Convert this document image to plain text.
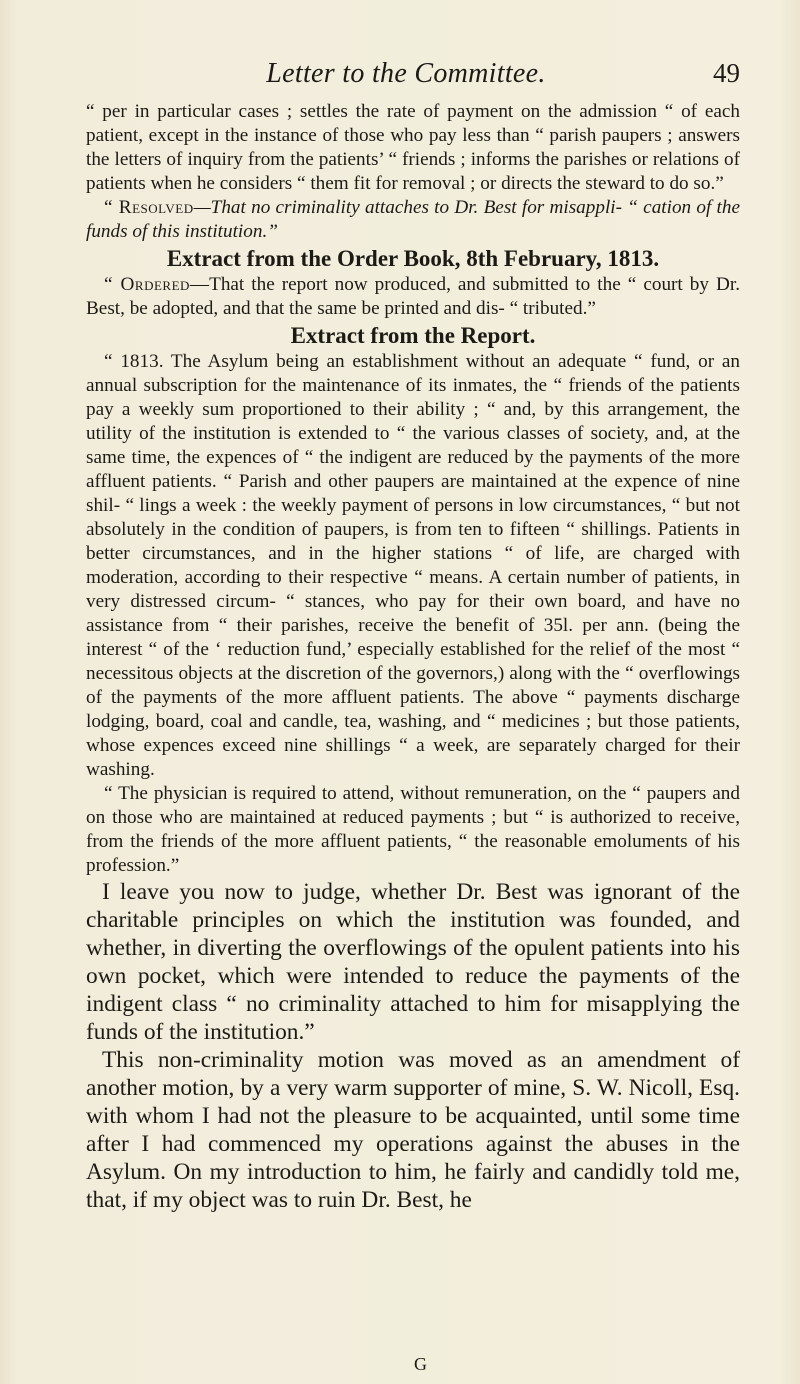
Letter to the Committee.	49

“ per in particular cases ; settles the rate of payment on the admission “ of each patient, except in the instance of those who pay less than “ parish paupers ; answers the letters of inquiry from the patients’ “ friends ; informs the parishes or relations of patients when he considers “ them fit for removal ; or directs the steward to do so.”

“ Resolved—That no criminality attaches to Dr. Best for misappli- “ cation of the funds of this institution.”

Extract from the Order Book, 8th February, 1813.

“ Ordered—That the report now produced, and submitted to the “ court by Dr. Best, be adopted, and that the same be printed and dis- “ tributed.”

Extract from the Report.

“ 1813. The Asylum being an establishment without an adequate “ fund, or an annual subscription for the maintenance of its inmates, the “ friends of the patients pay a weekly sum proportioned to their ability ; “ and, by this arrangement, the utility of the institution is extended to “ the various classes of society, and, at the same time, the expences of “ the indigent are reduced by the payments of the more affluent patients. “ Parish and other paupers are maintained at the expence of nine shil- “ lings a week : the weekly payment of persons in low circumstances, “ but not absolutely in the condition of paupers, is from ten to fifteen “ shillings. Patients in better circumstances, and in the higher stations “ of life, are charged with moderation, according to their respective “ means. A certain number of patients, in very distressed circum- “ stances, who pay for their own board, and have no assistance from “ their parishes, receive the benefit of 35l. per ann. (being the interest “ of the ‘ reduction fund,’ especially established for the relief of the most “ necessitous objects at the discretion of the governors,) along with the “ overflowings of the payments of the more affluent patients. The above “ payments discharge lodging, board, coal and candle, tea, washing, and “ medicines ; but those patients, whose expences exceed nine shillings “ a week, are separately charged for their washing.

“ The physician is required to attend, without remuneration, on the “ paupers and on those who are maintained at reduced payments ; but “ is authorized to receive, from the friends of the more affluent patients, “ the reasonable emoluments of his profession.”

I leave you now to judge, whether Dr. Best was ignorant of the charitable principles on which the institution was founded, and whether, in diverting the overflowings of the opulent patients into his own pocket, which were intended to reduce the payments of the indigent class “ no criminality attached to him for misapplying the funds of the institution.”

This non-criminality motion was moved as an amendment of another motion, by a very warm supporter of mine, S. W. Nicoll, Esq. with whom I had not the pleasure to be acquainted, until some time after I had commenced my operations against the abuses in the Asylum. On my introduction to him, he fairly and candidly told me, that, if my object was to ruin Dr. Best, he

G
